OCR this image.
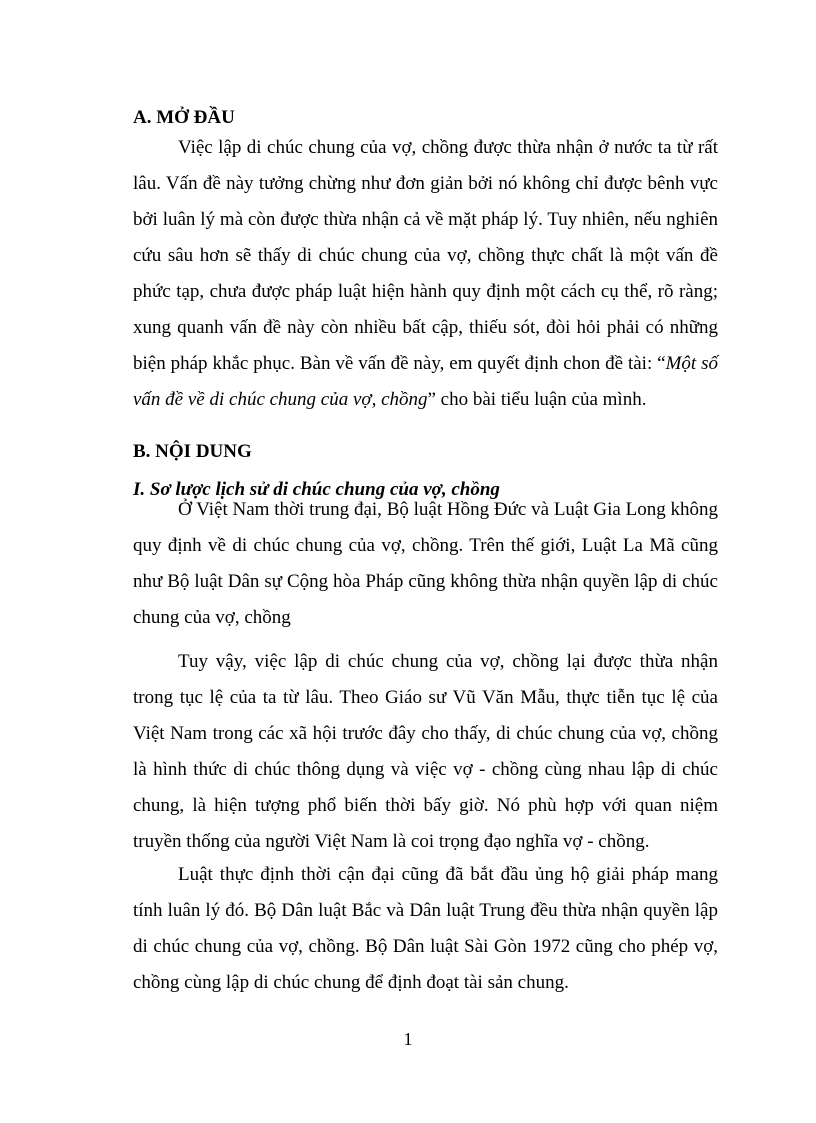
A. MỞ ĐẦU

Việc lập di chúc chung của vợ, chồng được thừa nhận ở nước ta từ rất lâu. Vấn đề này tưởng chừng như đơn giản bởi nó không chỉ được bênh vực bởi luân lý mà còn được thừa nhận cả về mặt pháp lý. Tuy nhiên, nếu nghiên cứu sâu hơn sẽ thấy di chúc chung của vợ, chồng thực chất là một vấn đề phức tạp, chưa được pháp luật hiện hành quy định một cách cụ thể, rõ ràng; xung quanh vấn đề này còn nhiều bất cập, thiếu sót, đòi hỏi phải có những biện pháp khắc phục. Bàn về vấn đề này, em quyết định chon đề tài: “Một số vấn đề về di chúc chung của vợ, chồng” cho bài tiểu luận của mình.

B. NỘI DUNG
I. Sơ lược lịch sử di chúc chung của vợ, chồng

Ở Việt Nam thời trung đại, Bộ luật Hồng Đức và Luật Gia Long không quy định về di chúc chung của vợ, chồng. Trên thế giới, Luật La Mã cũng như Bộ luật Dân sự Cộng hòa Pháp cũng không thừa nhận quyền lập di chúc chung của vợ, chồng

Tuy vậy, việc lập di chúc chung của vợ, chồng lại được thừa nhận trong tục lệ của ta từ lâu. Theo Giáo sư Vũ Văn Mẫu, thực tiễn tục lệ của Việt Nam trong các xã hội trước đây cho thấy, di chúc chung của vợ, chồng là hình thức di chúc thông dụng và việc vợ - chồng cùng nhau lập di chúc chung, là hiện tượng phổ biến thời bấy giờ. Nó phù hợp với quan niệm truyền thống của người Việt Nam là coi trọng đạo nghĩa vợ - chồng.

Luật thực định thời cận đại cũng đã bắt đầu ủng hộ giải pháp mang tính luân lý đó. Bộ Dân luật Bắc và Dân luật Trung đều thừa nhận quyền lập di chúc chung của vợ, chồng. Bộ Dân luật Sài Gòn 1972 cũng cho phép vợ, chồng cùng lập di chúc chung để định đoạt tài sản chung.

1
